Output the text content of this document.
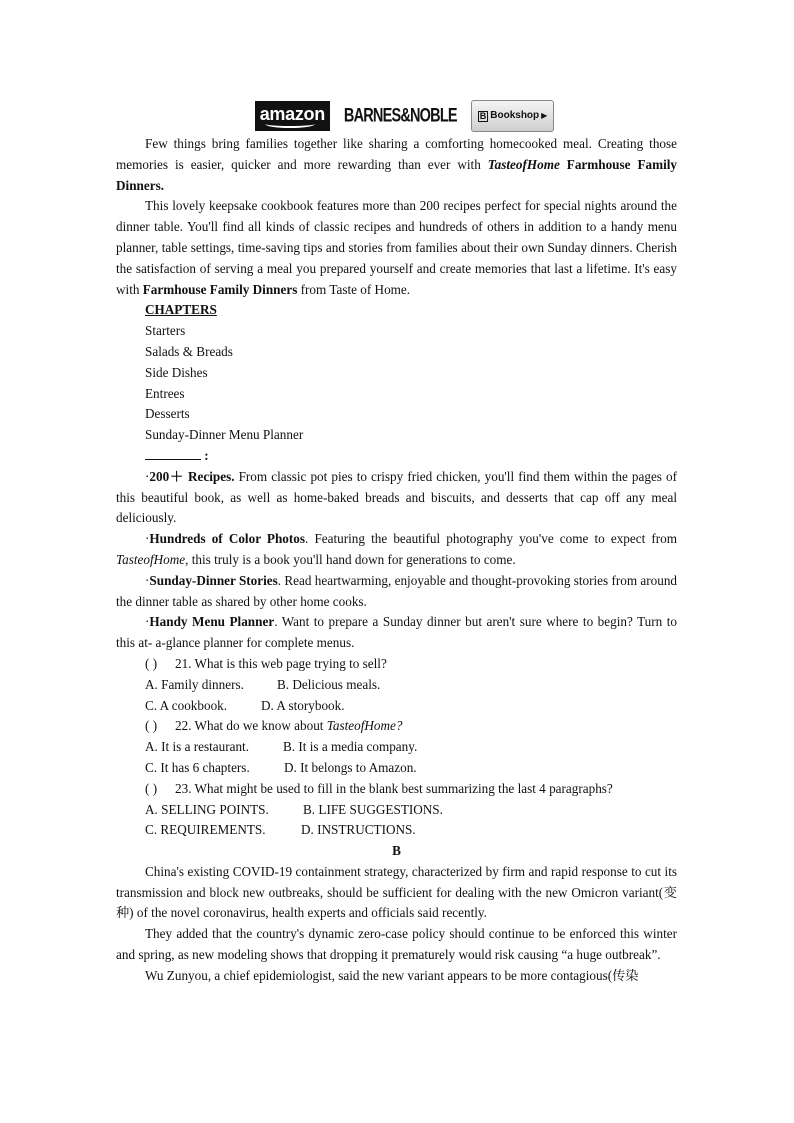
amazon	BARNES&NOBLE	B Bookshop ▶

Few things bring families together like sharing a comforting homecooked meal. Creating those memories is easier, quicker and more rewarding than ever with TasteofHome Farmhouse Family Dinners.

This lovely keepsake cookbook features more than 200 recipes perfect for special nights around the dinner table. You'll find all kinds of classic recipes and hundreds of others in addition to a handy menu planner, table settings, time-saving tips and stories from families about their own Sunday dinners. Cherish the satisfaction of serving a meal you prepared yourself and create memories that last a lifetime. It's easy with Farmhouse Family Dinners from Taste of Home.

CHAPTERS

Starters

Salads & Breads

Side Dishes

Entrees

Desserts

Sunday-Dinner Menu Planner

:

·200＋ Recipes. From classic pot pies to crispy fried chicken, you'll find them within the pages of this beautiful book, as well as home-baked breads and biscuits, and desserts that cap off any meal deliciously.

·Hundreds of Color Photos. Featuring the beautiful photography you've come to expect from TasteofHome, this truly is a book you'll hand down for generations to come.

·Sunday-Dinner Stories. Read heartwarming, enjoyable and thought-provoking stories from around the dinner table as shared by other home cooks.

·Handy Menu Planner. Want to prepare a Sunday dinner but aren't sure where to begin? Turn to this at- a-glance planner for complete menus.

( ) 21. What is this web page trying to sell?

A. Family dinners.	B. Delicious meals.

C. A cookbook.	D. A storybook.

( ) 22. What do we know about TasteofHome?

A. It is a restaurant.	B. It is a media company.

C. It has 6 chapters.	D. It belongs to Amazon.

( ) 23. What might be used to fill in the blank best summarizing the last 4 paragraphs?

A. SELLING POINTS.	B. LIFE SUGGESTIONS.

C. REQUIREMENTS.	D. INSTRUCTIONS.

B

China's existing COVID-19 containment strategy, characterized by firm and rapid response to cut its transmission and block new outbreaks, should be sufficient for dealing with the new Omicron variant(变种) of the novel coronavirus, health experts and officials said recently.

They added that the country's dynamic zero-case policy should continue to be enforced this winter and spring, as new modeling shows that dropping it prematurely would risk causing “a huge outbreak”.

Wu Zunyou, a chief epidemiologist, said the new variant appears to be more contagious(传染
